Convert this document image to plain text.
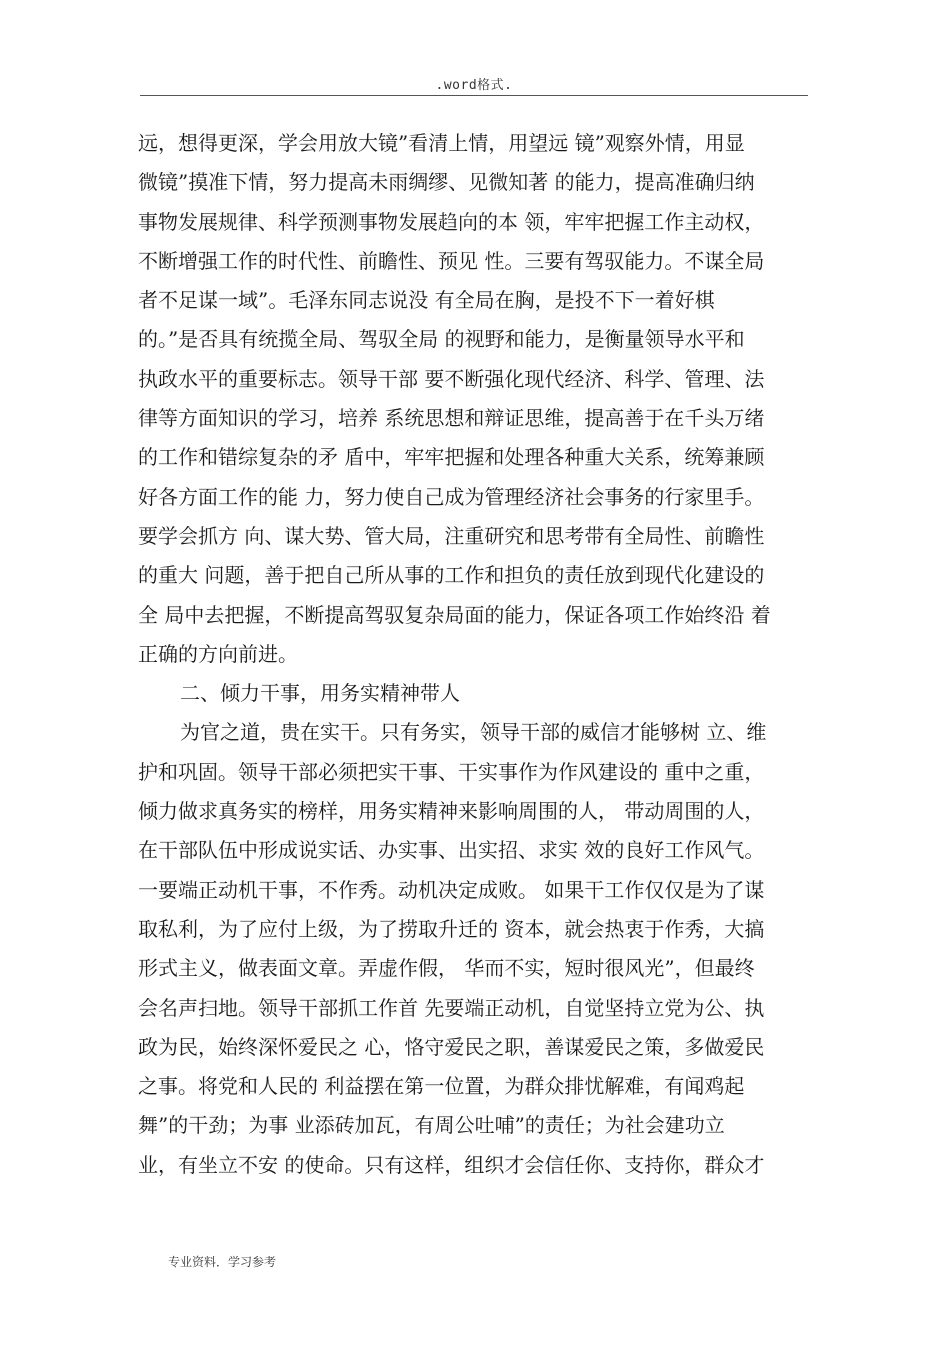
.word格式.
远，想得更深，学会用放大镜”看清上情，用望远 镜”观察外情，用显
微镜”摸准下情，努力提高未雨绸缪、见微知著 的能力，提高准确归纳
事物发展规律、科学预测事物发展趋向的本 领，牢牢把握工作主动权，
不断增强工作的时代性、前瞻性、预见 性。三要有驾驭能力。不谋全局
者不足谋一域”。毛泽东同志说没 有全局在胸，是投不下一着好棋
的。”是否具有统揽全局、驾驭全局 的视野和能力，是衡量领导水平和
执政水平的重要标志。领导干部 要不断强化现代经济、科学、管理、法
律等方面知识的学习，培养 系统思想和辩证思维，提高善于在千头万绪
的工作和错综复杂的矛 盾中，牢牢把握和处理各种重大关系，统筹兼顾
好各方面工作的能 力，努力使自己成为管理经济社会事务的行家里手。
要学会抓方 向、谋大势、管大局，注重研究和思考带有全局性、前瞻性
的重大 问题，善于把自己所从事的工作和担负的责任放到现代化建设的
全 局中去把握，不断提高驾驭复杂局面的能力，保证各项工作始终沿 着
正确的方向前进。
二、倾力干事，用务实精神带人
为官之道，贵在实干。只有务实，领导干部的威信才能够树 立、维
护和巩固。领导干部必须把实干事、干实事作为作风建设的 重中之重，
倾力做求真务实的榜样，用务实精神来影响周围的人， 带动周围的人，
在干部队伍中形成说实话、办实事、出实招、求实 效的良好工作风气。
一要端正动机干事，不作秀。动机决定成败。 如果干工作仅仅是为了谋
取私利，为了应付上级，为了捞取升迁的 资本，就会热衷于作秀，大搞
形式主义，做表面文章。弄虚作假， 华而不实，短时很风光”，但最终
会名声扫地。领导干部抓工作首 先要端正动机，自觉坚持立党为公、执
政为民，始终深怀爱民之 心，恪守爱民之职，善谋爱民之策，多做爱民
之事。将党和人民的 利益摆在第一位置，为群众排忧解难，有闻鸡起
舞”的干劲；为事 业添砖加瓦，有周公吐哺”的责任；为社会建功立
业，有坐立不安 的使命。只有这样，组织才会信任你、支持你，群众才
专业资料．学习参考
